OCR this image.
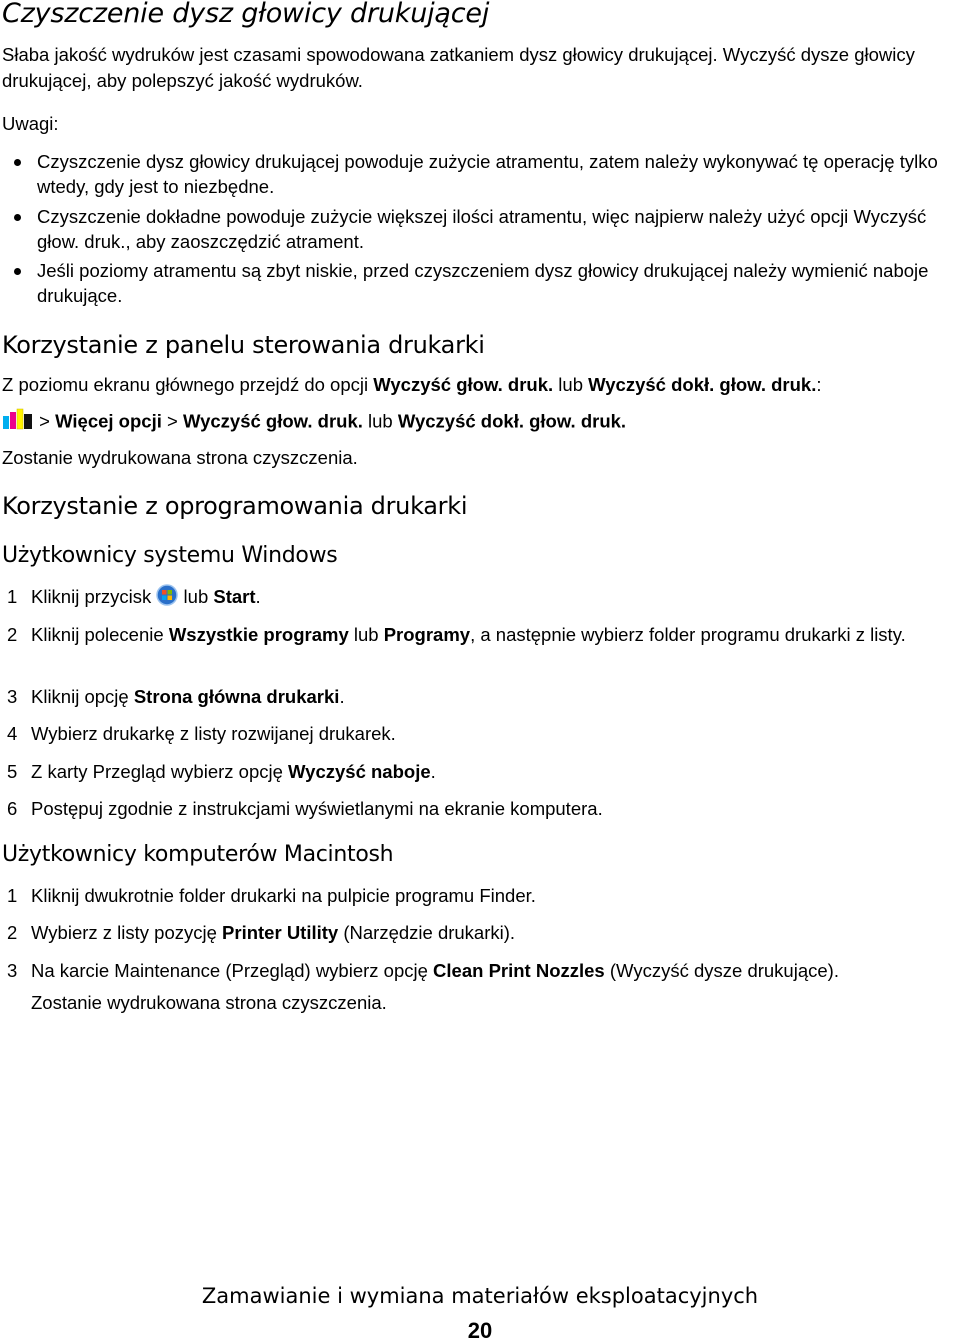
Czyszczenie dysz głowicy drukującej

Słaba jakość wydruków jest czasami spowodowana zatkaniem dysz głowicy drukującej. Wyczyść dysze głowicy drukującej, aby polepszyć jakość wydruków.

Uwagi:

Czyszczenie dysz głowicy drukującej powoduje zużycie atramentu, zatem należy wykonywać tę operację tylko wtedy, gdy jest to niezbędne.
Czyszczenie dokładne powoduje zużycie większej ilości atramentu, więc najpierw należy użyć opcji Wyczyść głow. druk., aby zaoszczędzić atrament.
Jeśli poziomy atramentu są zbyt niskie, przed czyszczeniem dysz głowicy drukującej należy wymienić naboje drukujące.
Korzystanie z panelu sterowania drukarki

Z poziomu ekranu głównego przejdź do opcji Wyczyść głow. druk. lub Wyczyść dokł. głow. druk.:

> Więcej opcji > Wyczyść głow. druk. lub Wyczyść dokł. głow. druk.

Zostanie wydrukowana strona czyszczenia.

Korzystanie z oprogramowania drukarki
Użytkownicy systemu Windows
1 Kliknij przycisk  lub Start.
2 Kliknij polecenie Wszystkie programy lub Programy, a następnie wybierz folder programu drukarki z listy.
3 Kliknij opcję Strona główna drukarki.
4 Wybierz drukarkę z listy rozwijanej drukarek.
5 Z karty Przegląd wybierz opcję Wyczyść naboje.
6 Postępuj zgodnie z instrukcjami wyświetlanymi na ekranie komputera.
Użytkownicy komputerów Macintosh
1 Kliknij dwukrotnie folder drukarki na pulpicie programu Finder.
2 Wybierz z listy pozycję Printer Utility (Narzędzie drukarki).
3 Na karcie Maintenance (Przegląd) wybierz opcję Clean Print Nozzles (Wyczyść dysze drukujące).
Zostanie wydrukowana strona czyszczenia.
Zamawianie i wymiana materiałów eksploatacyjnych
20
